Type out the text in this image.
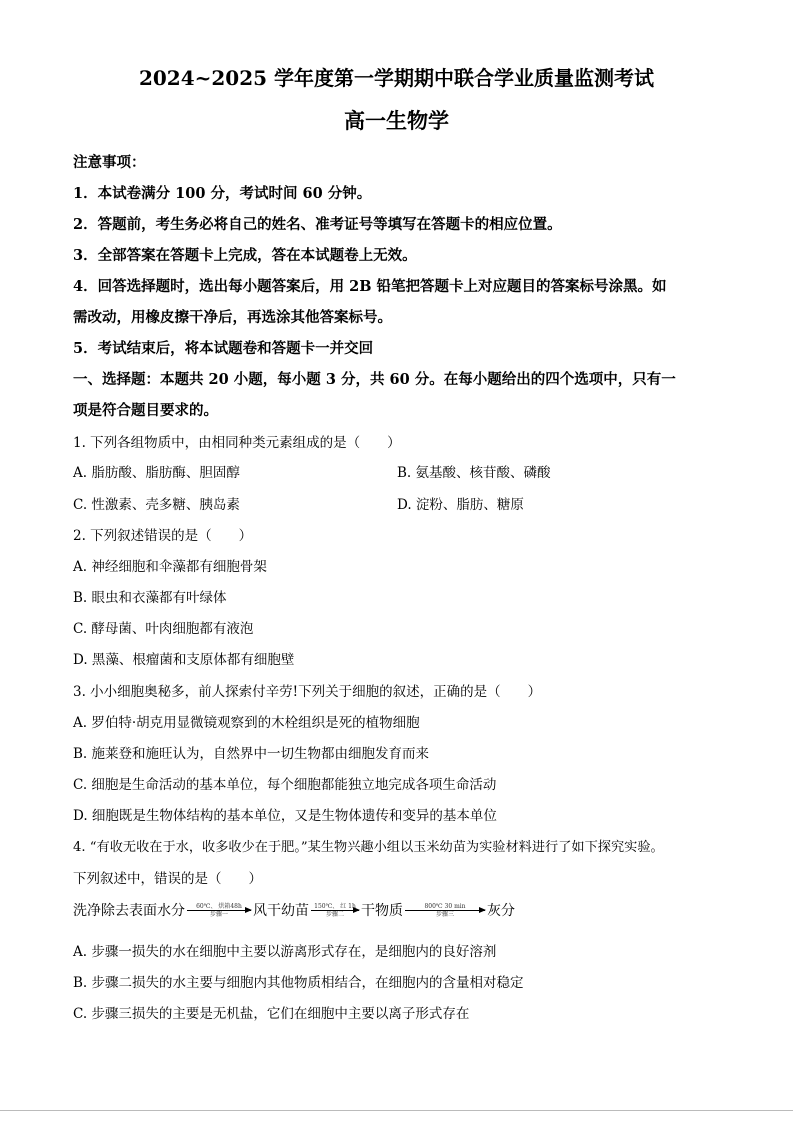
2024~2025 学年度第一学期期中联合学业质量监测考试
高一生物学
注意事项：
1．本试卷满分 100 分，考试时间 60 分钟。
2．答题前，考生务必将自己的姓名、准考证号等填写在答题卡的相应位置。
3．全部答案在答题卡上完成，答在本试题卷上无效。
4．回答选择题时，选出每小题答案后，用 2B 铅笔把答题卡上对应题目的答案标号涂黑。如
需改动，用橡皮擦干净后，再选涂其他答案标号。
5．考试结束后，将本试题卷和答题卡一并交回
一、选择题：本题共 20 小题，每小题 3 分，共 60 分。在每小题给出的四个选项中，只有一
项是符合题目要求的。
1. 下列各组物质中，由相同种类元素组成的是（　　）
A. 脂肪酸、脂肪酶、胆固醇	B. 氨基酸、核苷酸、磷酸
C. 性激素、壳多糖、胰岛素	D. 淀粉、脂肪、糖原
2. 下列叙述错误的是（　　）
A. 神经细胞和伞藻都有细胞骨架
B. 眼虫和衣藻都有叶绿体
C. 酵母菌、叶肉细胞都有液泡
D. 黑藻、根瘤菌和支原体都有细胞壁
3. 小小细胞奥秘多，前人探索付辛劳!下列关于细胞的叙述，正确的是（　　）
A. 罗伯特·胡克用显微镜观察到的木栓组织是死的植物细胞
B. 施莱登和施旺认为，自然界中一切生物都由细胞发育而来
C. 细胞是生命活动的基本单位，每个细胞都能独立地完成各项生命活动
D. 细胞既是生物体结构的基本单位，又是生物体遗传和变异的基本单位
4. “有收无收在于水，收多收少在于肥。”某生物兴趣小组以玉米幼苗为实验材料进行了如下探究实验。
下列叙述中，错误的是（　　）
洗净除去表面水分 60℃、 烘箱48h
步骤一 风干幼苗 150℃、 红 1h
步骤二 干物质	800℃ 30 min
步骤三 灰分
A. 步骤一损失的水在细胞中主要以游离形式存在，是细胞内的良好溶剂
B. 步骤二损失的水主要与细胞内其他物质相结合，在细胞内的含量相对稳定
C. 步骤三损失的主要是无机盐，它们在细胞中主要以离子形式存在
